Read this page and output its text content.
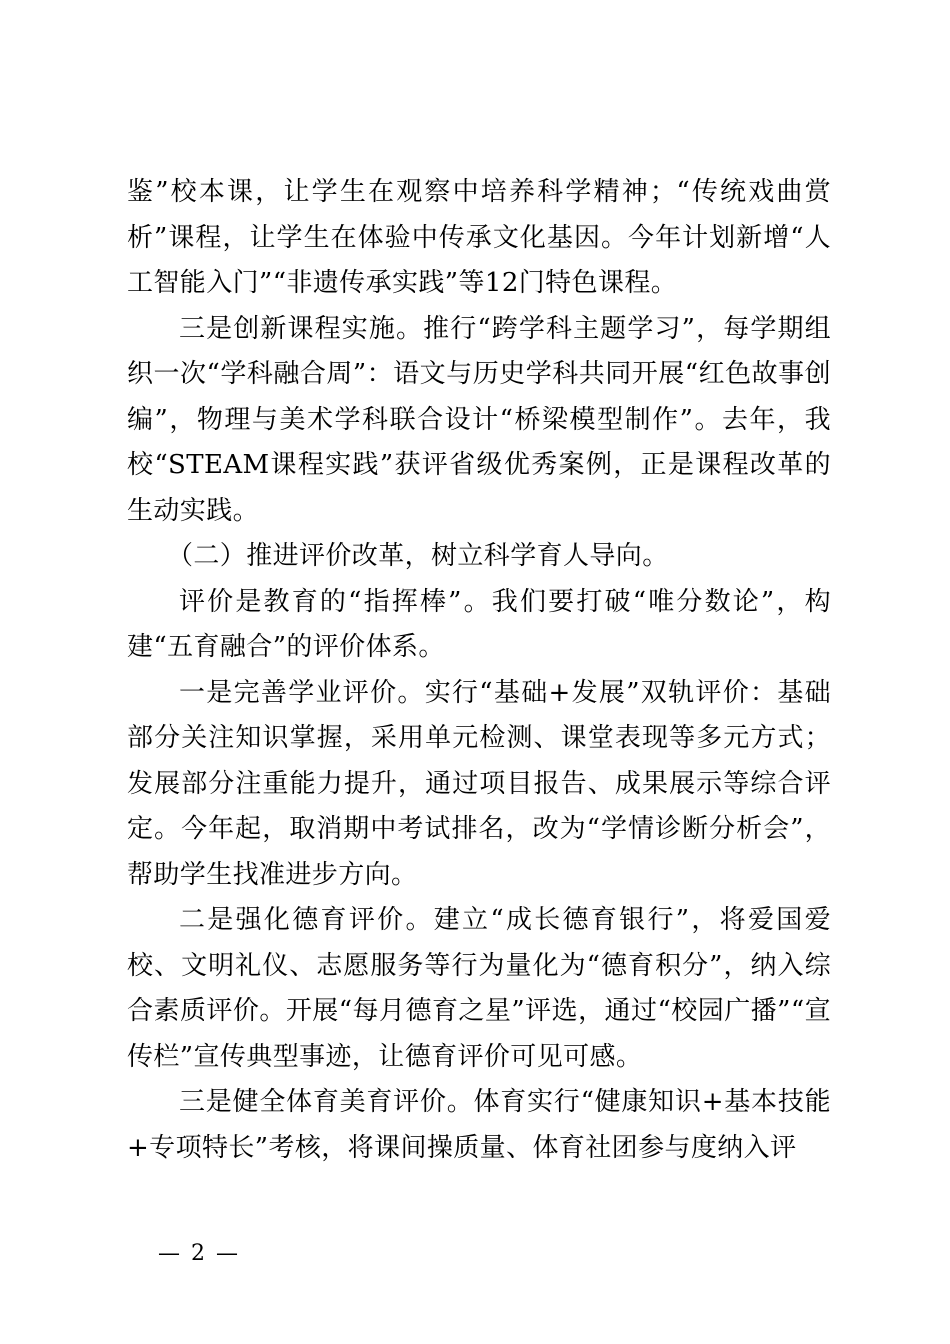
鉴”校本课，让学生在观察中培养科学精神；“传统戏曲赏析”课程，让学生在体验中传承文化基因。今年计划新增“人工智能入门”“非遗传承实践”等12门特色课程。

三是创新课程实施。推行“跨学科主题学习”，每学期组织一次“学科融合周”：语文与历史学科共同开展“红色故事创编”，物理与美术学科联合设计“桥梁模型制作”。去年，我校“STEAM课程实践”获评省级优秀案例，正是课程改革的生动实践。

（二）推进评价改革，树立科学育人导向。

评价是教育的“指挥棒”。我们要打破“唯分数论”，构建“五育融合”的评价体系。

一是完善学业评价。实行“基础+发展”双轨评价：基础部分关注知识掌握，采用单元检测、课堂表现等多元方式；发展部分注重能力提升，通过项目报告、成果展示等综合评定。今年起，取消期中考试排名，改为“学情诊断分析会”，帮助学生找准进步方向。

二是强化德育评价。建立“成长德育银行”，将爱国爱校、文明礼仪、志愿服务等行为量化为“德育积分”，纳入综合素质评价。开展“每月德育之星”评选，通过“校园广播”“宣传栏”宣传典型事迹，让德育评价可见可感。

三是健全体育美育评价。体育实行“健康知识+基本技能+专项特长”考核，将课间操质量、体育社团参与度纳入评

— 2 —
